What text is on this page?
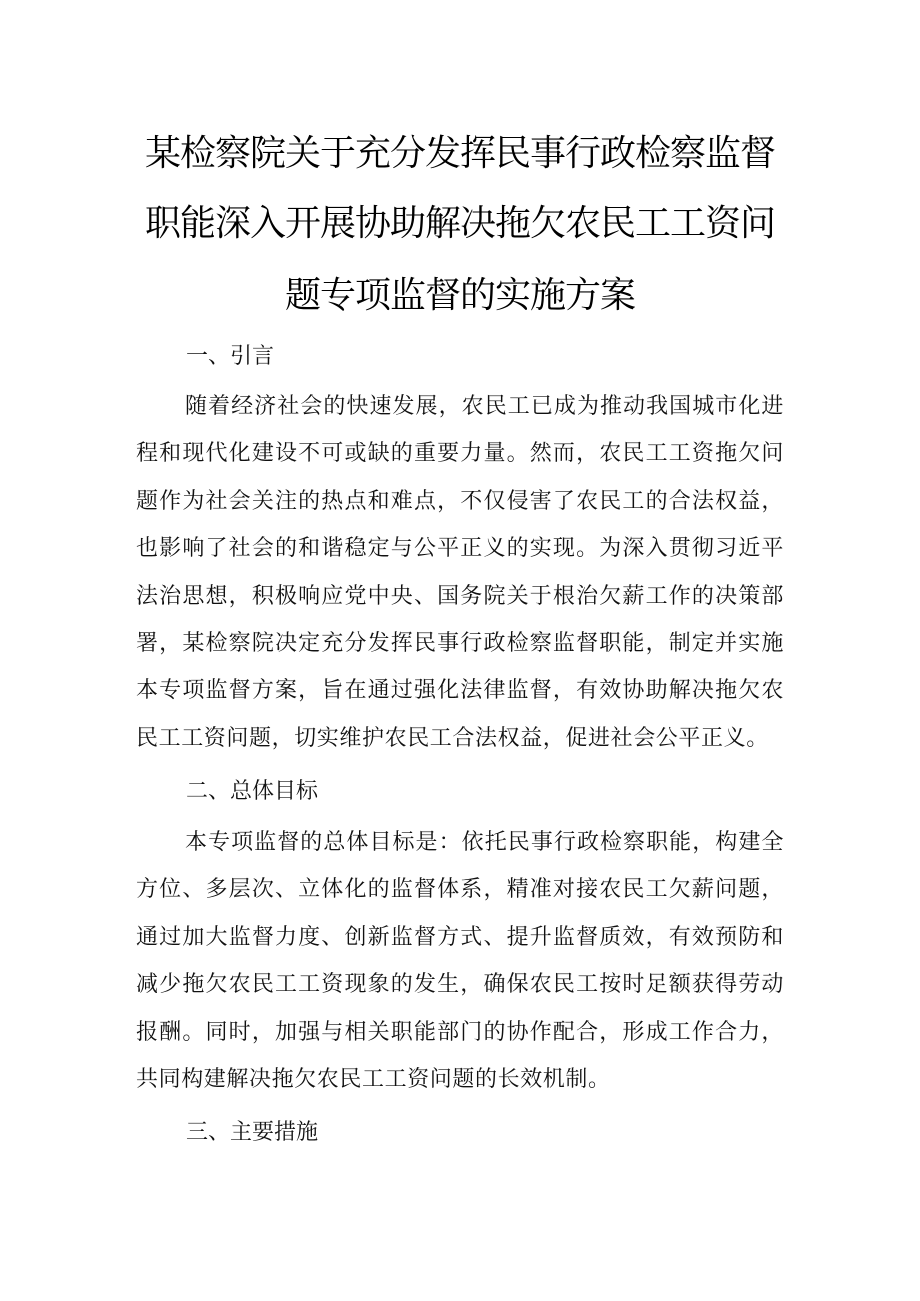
某检察院关于充分发挥民事行政检察监督
职能深入开展协助解决拖欠农民工工资问
题专项监督的实施方案
一、引言

随着经济社会的快速发展，农民工已成为推动我国城市化进程和现代化建设不可或缺的重要力量。然而，农民工工资拖欠问题作为社会关注的热点和难点，不仅侵害了农民工的合法权益，也影响了社会的和谐稳定与公平正义的实现。为深入贯彻习近平法治思想，积极响应党中央、国务院关于根治欠薪工作的决策部署，某检察院决定充分发挥民事行政检察监督职能，制定并实施本专项监督方案，旨在通过强化法律监督，有效协助解决拖欠农民工工资问题，切实维护农民工合法权益，促进社会公平正义。

二、总体目标

本专项监督的总体目标是：依托民事行政检察职能，构建全方位、多层次、立体化的监督体系，精准对接农民工欠薪问题，通过加大监督力度、创新监督方式、提升监督质效，有效预防和减少拖欠农民工工资现象的发生，确保农民工按时足额获得劳动报酬。同时，加强与相关职能部门的协作配合，形成工作合力，共同构建解决拖欠农民工工资问题的长效机制。

三、主要措施
